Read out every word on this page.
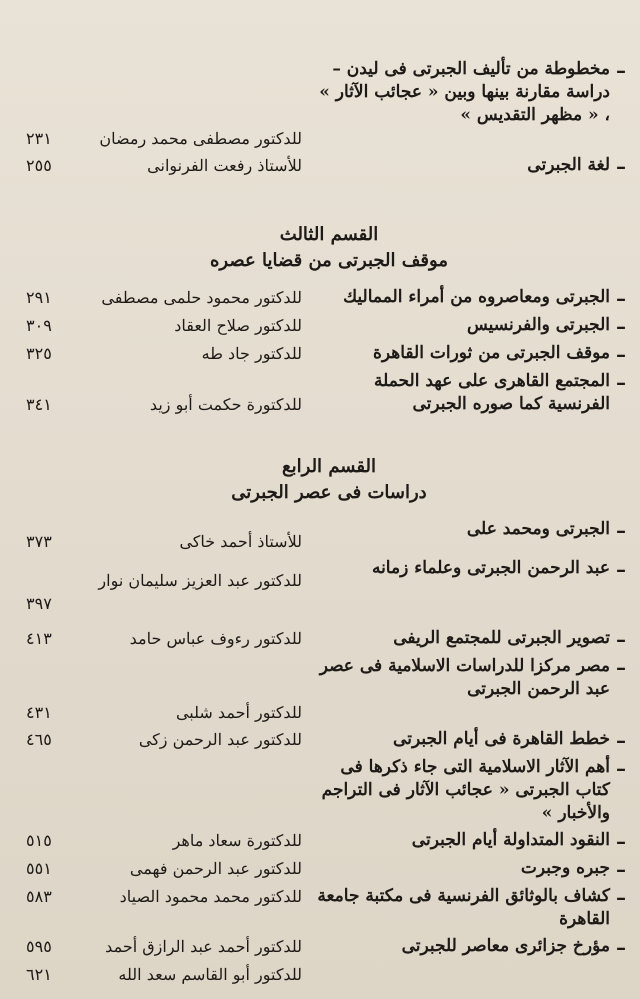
–
مخطوطة من تأليف الجبرتى فى ليدن – دراسة مقارنة بينها وبين « عجائب الآثار » ، « مظهر التقديس »
للدكتور مصطفى محمد رمضان
٢٣١
–
لغة الجبرتى
للأستاذ رفعت الفرنوانى
٢٥٥
القسم الثالث
موقف الجبرتى من قضايا عصره
–
الجبرتى ومعاصروه من أمراء المماليك
للدكتور محمود حلمى مصطفى
٢٩١
–
الجبرتى والفرنسيس
للدكتور صلاح العقاد
٣٠٩
–
موقف الجبرتى من ثورات القاهرة
للدكتور جاد طه
٣٢٥
–
المجتمع القاهرى على عهد الحملة الفرنسية كما صوره الجبرتى
للدكتورة حكمت أبو زيد
٣٤١
القسم الرابع
دراسات فى عصر الجبرتى
–
الجبرتى ومحمد على
للأستاذ أحمد خاكى
٣٧٣
–
عبد الرحمن الجبرتى وعلماء زمانه
للدكتور عبد العزيز سليمان نوار
٣٩٧
–
تصوير الجبرتى للمجتمع الريفى
للدكتور رءوف عباس حامد
٤١٣
–
مصر مركزا للدراسات الاسلامية فى عصر عبد الرحمن الجبرتى
للدكتور أحمد شلبى
٤٣١
–
خطط القاهرة فى أيام الجبرتى
للدكتور عبد الرحمن زكى
٤٦٥
–
أهم الآثار الاسلامية التى جاء ذكرها فى كتاب الجبرتى « عجائب الآثار فى التراجم والأخبار »
–
النقود المتداولة أيام الجبرتى
للدكتورة سعاد ماهر
٥١٥
–
جبره وجبرت
للدكتور عبد الرحمن فهمى
٥٥١
–
كشاف بالوثائق الفرنسية فى مكتبة جامعة القاهرة
للدكتور محمد محمود الصياد
٥٨٣
–
مؤرخ جزائرى معاصر للجبرتى
للدكتور أحمد عبد الرازق أحمد
٥٩٥
للدكتور أبو القاسم سعد الله
٦٢١
